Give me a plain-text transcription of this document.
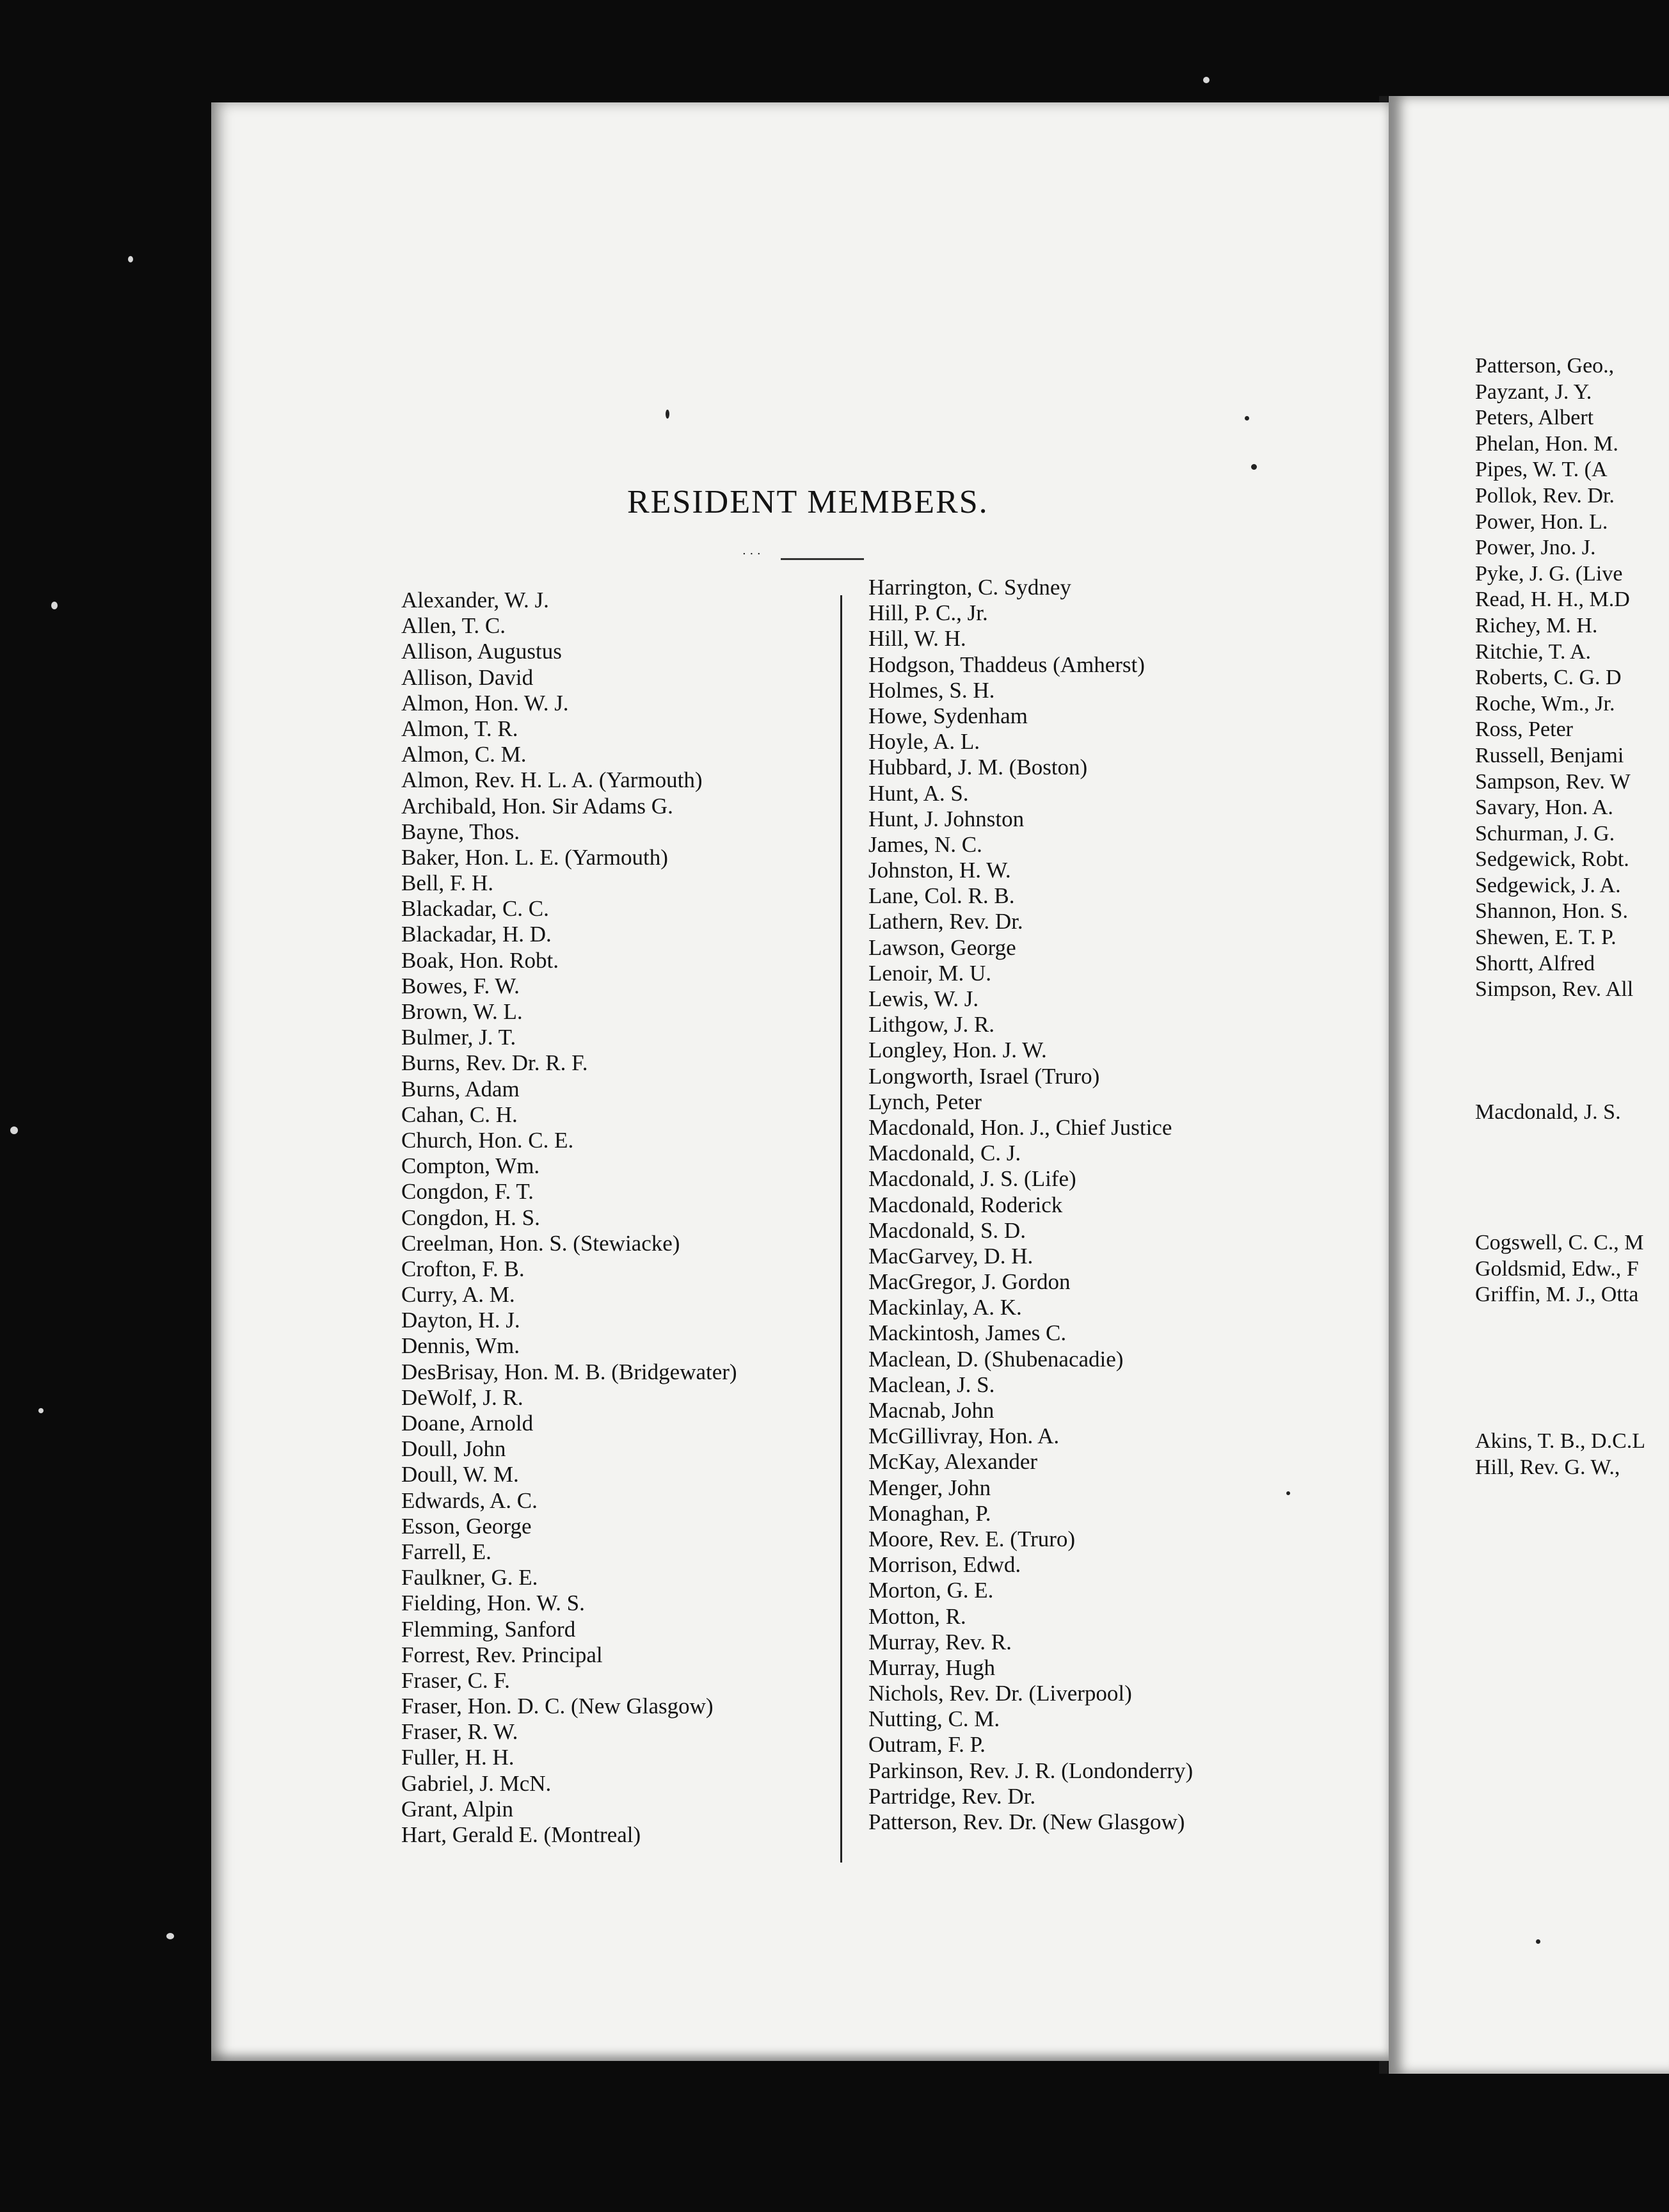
RESIDENT MEMBERS.
. . .
Alexander, W. J.
Allen, T. C.
Allison, Augustus
Allison, David
Almon, Hon. W. J.
Almon, T. R.
Almon, C. M.
Almon, Rev. H. L. A. (Yarmouth)
Archibald, Hon. Sir Adams G.
Bayne, Thos.
Baker, Hon. L. E. (Yarmouth)
Bell, F. H.
Blackadar, C. C.
Blackadar, H. D.
Boak, Hon. Robt.
Bowes, F. W.
Brown, W. L.
Bulmer, J. T.
Burns, Rev. Dr. R. F.
Burns, Adam
Cahan, C. H.
Church, Hon. C. E.
Compton, Wm.
Congdon, F. T.
Congdon, H. S.
Creelman, Hon. S. (Stewiacke)
Crofton, F. B.
Curry, A. M.
Dayton, H. J.
Dennis, Wm.
DesBrisay, Hon. M. B. (Bridgewater)
DeWolf, J. R.
Doane, Arnold
Doull, John
Doull, W. M.
Edwards, A. C.
Esson, George
Farrell, E.
Faulkner, G. E.
Fielding, Hon. W. S.
Flemming, Sanford
Forrest, Rev. Principal
Fraser, C. F.
Fraser, Hon. D. C. (New Glasgow)
Fraser, R. W.
Fuller, H. H.
Gabriel, J. McN.
Grant, Alpin
Hart, Gerald E. (Montreal)
Harrington, C. Sydney
Hill, P. C., Jr.
Hill, W. H.
Hodgson, Thaddeus (Amherst)
Holmes, S. H.
Howe, Sydenham
Hoyle, A. L.
Hubbard, J. M. (Boston)
Hunt, A. S.
Hunt, J. Johnston
James, N. C.
Johnston, H. W.
Lane, Col. R. B.
Lathern, Rev. Dr.
Lawson, George
Lenoir, M. U.
Lewis, W. J.
Lithgow, J. R.
Longley, Hon. J. W.
Longworth, Israel (Truro)
Lynch, Peter
Macdonald, Hon. J., Chief Justice
Macdonald, C. J.
Macdonald, J. S. (Life)
Macdonald, Roderick
Macdonald, S. D.
MacGarvey, D. H.
MacGregor, J. Gordon
Mackinlay, A. K.
Mackintosh, James C.
Maclean, D. (Shubenacadie)
Maclean, J. S.
Macnab, John
McGillivray, Hon. A.
McKay, Alexander
Menger, John
Monaghan, P.
Moore, Rev. E. (Truro)
Morrison, Edwd.
Morton, G. E.
Motton, R.
Murray, Rev. R.
Murray, Hugh
Nichols, Rev. Dr. (Liverpool)
Nutting, C. M.
Outram, F. P.
Parkinson, Rev. J. R. (Londonderry)
Partridge, Rev. Dr.
Patterson, Rev. Dr. (New Glasgow)
Patterson, Geo.,
Payzant, J. Y.
Peters, Albert
Phelan, Hon. M.
Pipes, W. T. (A
Pollok, Rev. Dr.
Power, Hon. L.
Power, Jno. J.
Pyke, J. G. (Live
Read, H. H., M.D
Richey, M. H.
Ritchie, T. A.
Roberts, C. G. D
Roche, Wm., Jr.
Ross, Peter
Russell, Benjami
Sampson, Rev. W
Savary, Hon. A.
Schurman, J. G.
Sedgewick, Robt.
Sedgewick, J. A.
Shannon, Hon. S.
Shewen, E. T. P.
Shortt, Alfred
Simpson, Rev. All
Macdonald, J. S.
Cogswell, C. C., M
Goldsmid, Edw., F
Griffin, M. J., Otta
Akins, T. B., D.C.L
Hill, Rev. G. W.,
